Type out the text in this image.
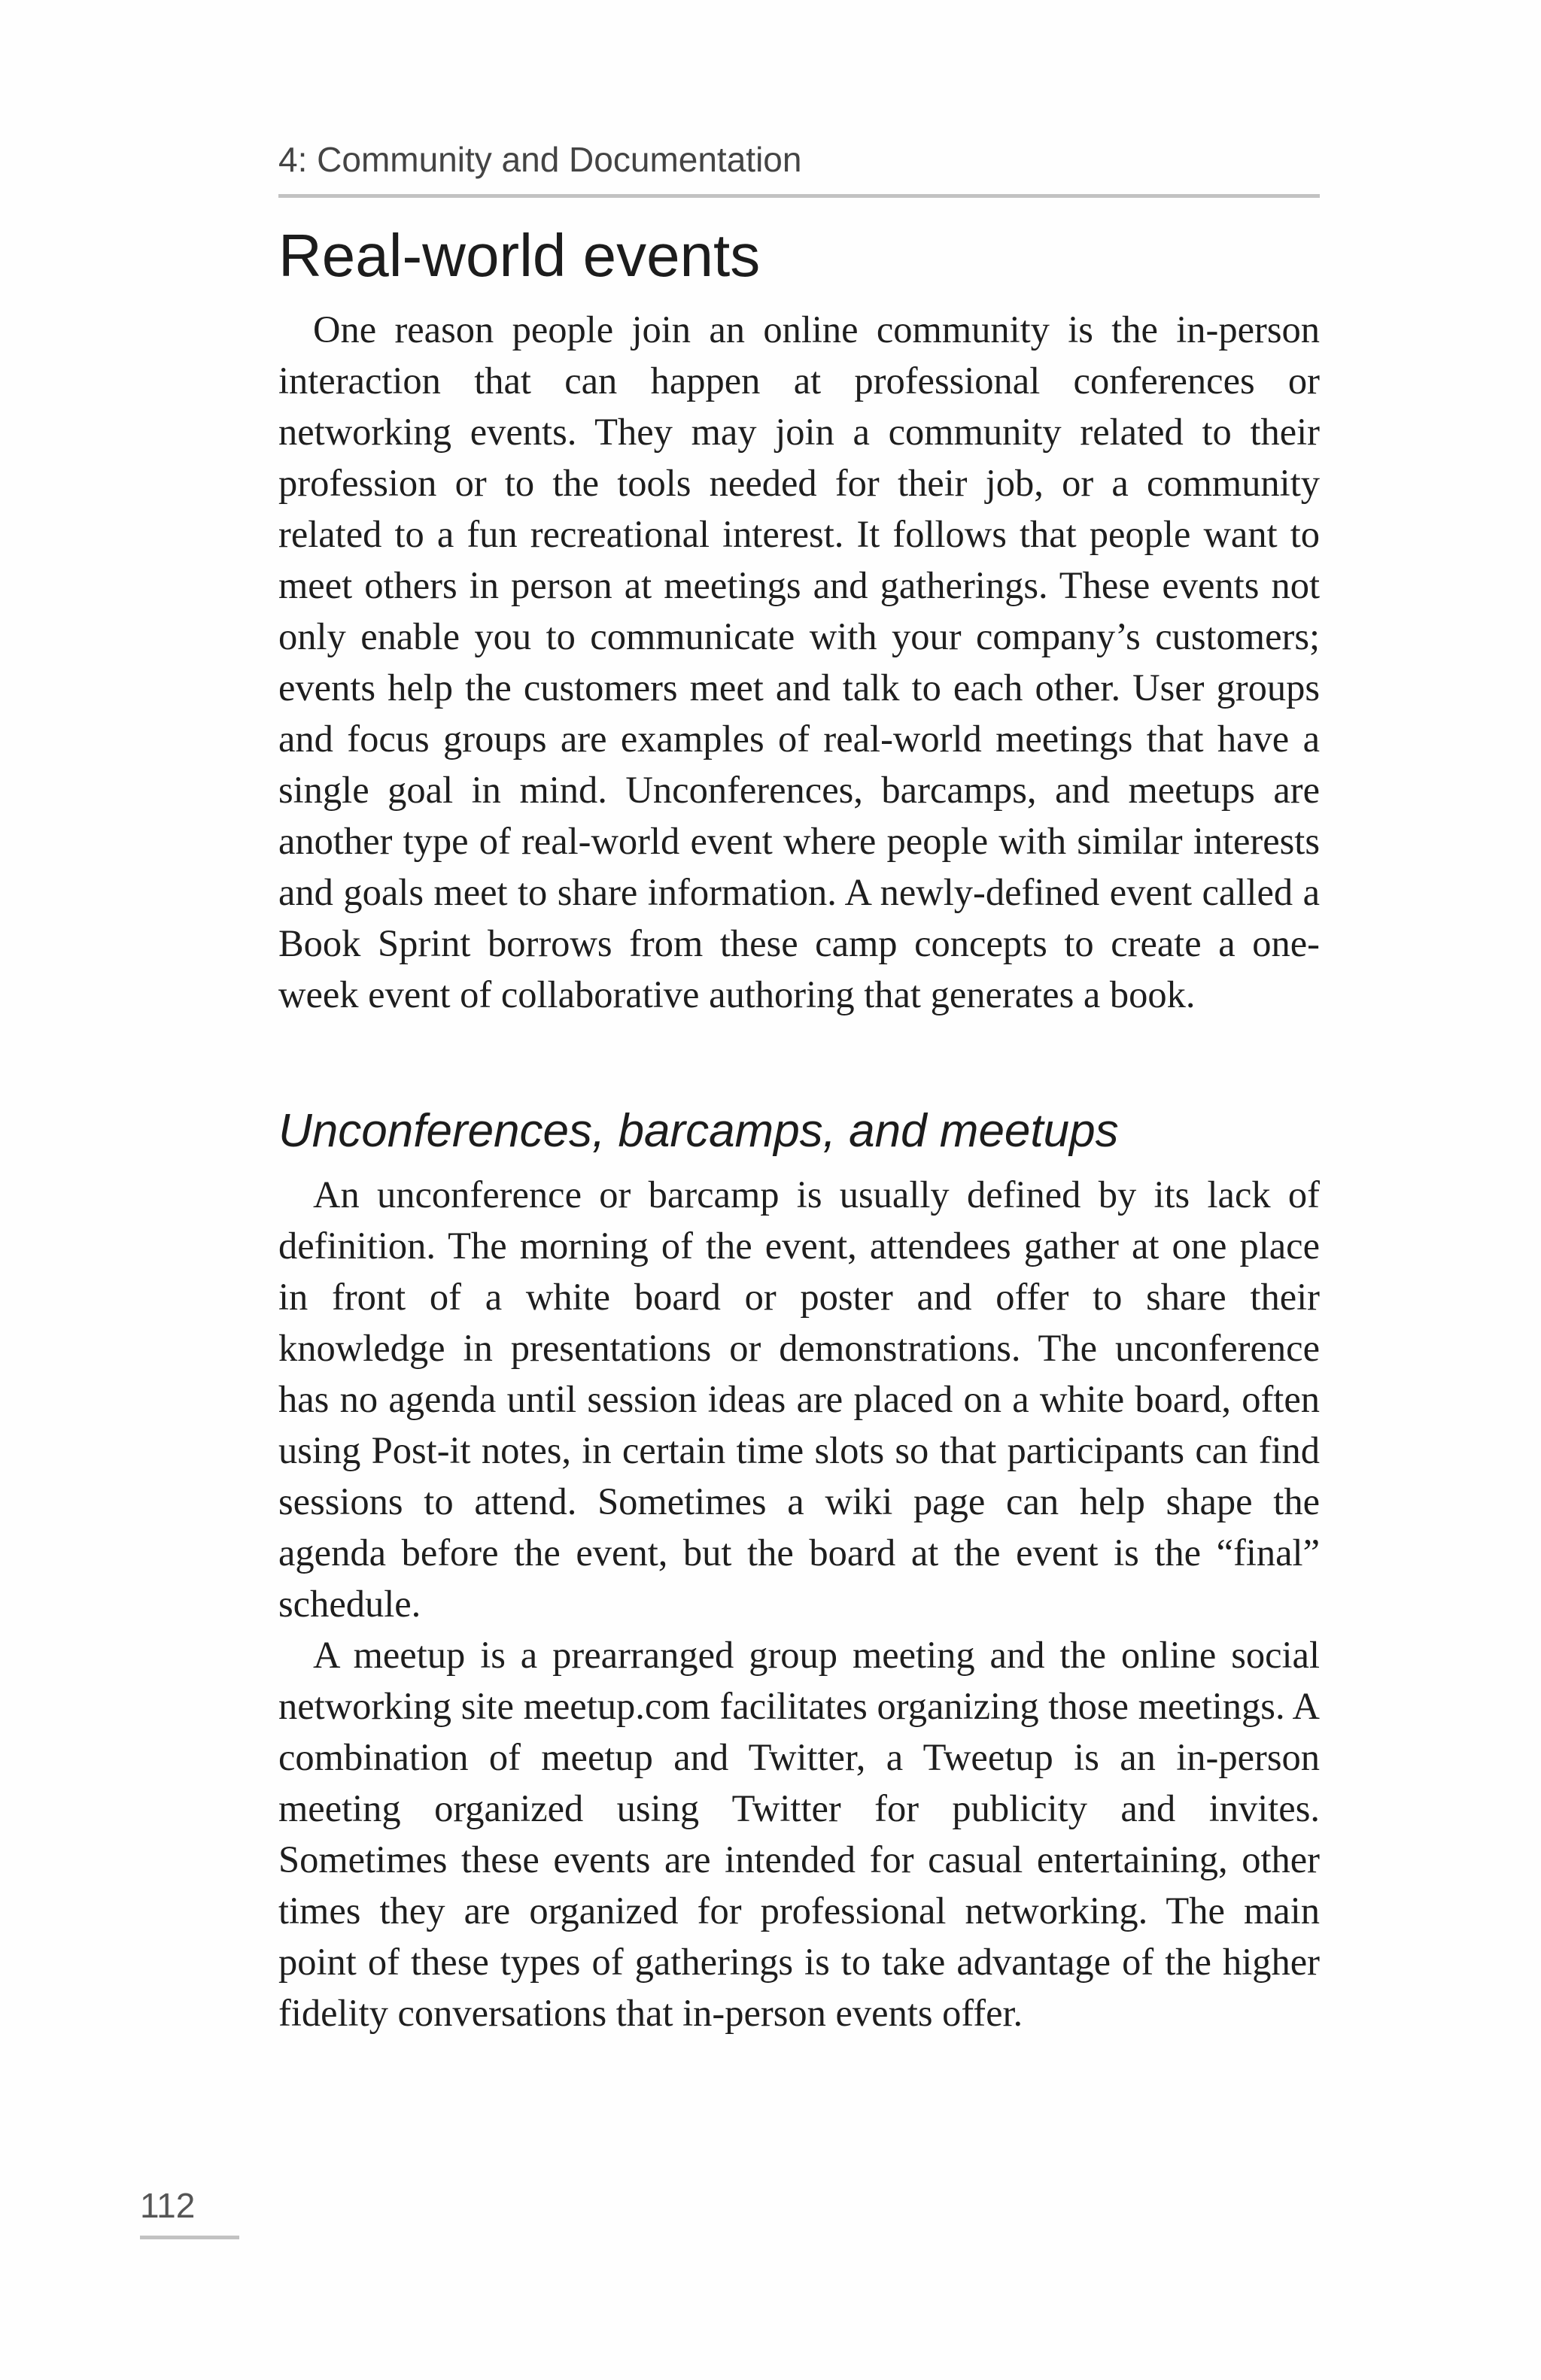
4: Community and Documentation
Real-world events

One reason people join an online community is the in-person interaction that can happen at professional conferences or networking events. They may join a community related to their profession or to the tools needed for their job, or a community related to a fun recreational interest. It follows that people want to meet others in person at meetings and gatherings. These events not only enable you to communicate with your company’s customers; events help the customers meet and talk to each other. User groups and focus groups are examples of real-world meetings that have a single goal in mind. Unconferences, barcamps, and meetups are another type of real-world event where people with similar interests and goals meet to share information. A newly-defined event called a Book Sprint borrows from these camp concepts to create a one-week event of collaborative authoring that generates a book.

Unconferences, barcamps, and meetups

An unconference or barcamp is usually defined by its lack of definition. The morning of the event, attendees gather at one place in front of a white board or poster and offer to share their knowledge in presentations or demonstrations. The unconference has no agenda until session ideas are placed on a white board, often using Post-it notes, in certain time slots so that participants can find sessions to attend. Sometimes a wiki page can help shape the agenda before the event, but the board at the event is the “final” schedule.

A meetup is a prearranged group meeting and the online social networking site meetup.com facilitates organizing those meetings. A combination of meetup and Twitter, a Tweetup is an in-person meeting organized using Twitter for publicity and invites. Sometimes these events are intended for casual entertaining, other times they are organized for professional networking. The main point of these types of gatherings is to take advantage of the higher fidelity conversations that in-person events offer.

112
